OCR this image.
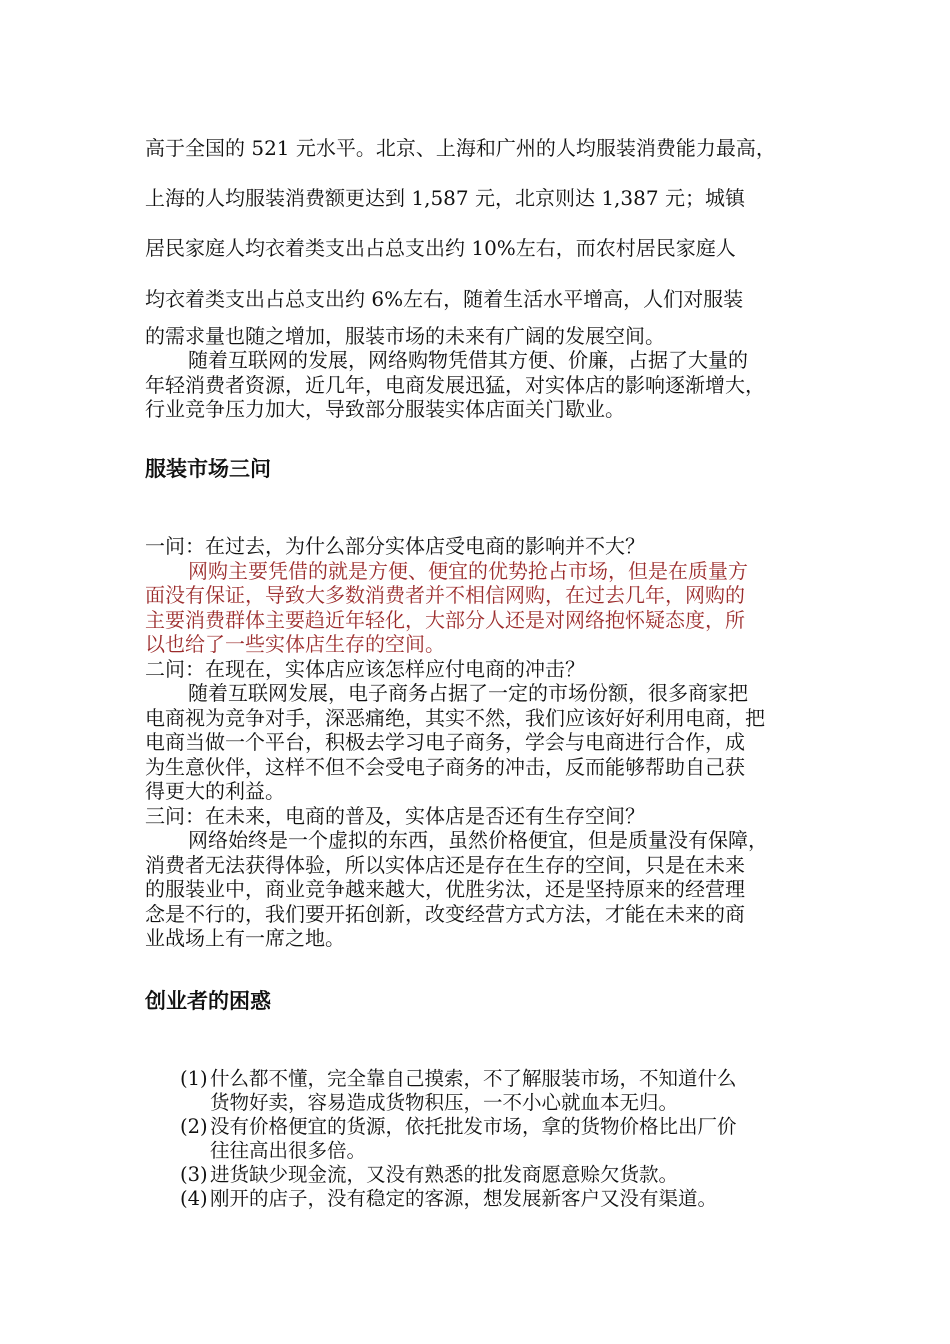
高于全国的 521 元水平。北京、上海和广州的人均服装消费能力最高，

上海的人均服装消费额更达到 1,587 元，北京则达 1,387 元；城镇

居民家庭人均衣着类支出占总支出约 10%左右，而农村居民家庭人

均衣着类支出占总支出约 6%左右，随着生活水平增高，人们对服装

的需求量也随之增加，服装市场的未来有广阔的发展空间。

随着互联网的发展，网络购物凭借其方便、价廉，占据了大量的
年轻消费者资源，近几年，电商发展迅猛，对实体店的影响逐渐增大，
行业竞争压力加大，导致部分服装实体店面关门歇业。
服装市场三问
一问：在过去，为什么部分实体店受电商的影响并不大？
网购主要凭借的就是方便、便宜的优势抢占市场，但是在质量方
面没有保证，导致大多数消费者并不相信网购，在过去几年，网购的
主要消费群体主要趋近年轻化，大部分人还是对网络抱怀疑态度，所
以也给了一些实体店生存的空间。
二问：在现在，实体店应该怎样应付电商的冲击？
随着互联网发展，电子商务占据了一定的市场份额，很多商家把
电商视为竞争对手，深恶痛绝，其实不然，我们应该好好利用电商，把
电商当做一个平台，积极去学习电子商务，学会与电商进行合作，成
为生意伙伴，这样不但不会受电子商务的冲击，反而能够帮助自己获
得更大的利益。
三问：在未来，电商的普及，实体店是否还有生存空间？
网络始终是一个虚拟的东西，虽然价格便宜，但是质量没有保障，
消费者无法获得体验，所以实体店还是存在生存的空间，只是在未来
的服装业中，商业竞争越来越大，优胜劣汰，还是坚持原来的经营理
念是不行的，我们要开拓创新，改变经营方式方法，才能在未来的商
业战场上有一席之地。
创业者的困惑
(1) 什么都不懂，完全靠自己摸索，不了解服装市场，不知道什么
货物好卖，容易造成货物积压，一不小心就血本无归。
(2) 没有价格便宜的货源，依托批发市场，拿的货物价格比出厂价
往往高出很多倍。
(3) 进货缺少现金流，又没有熟悉的批发商愿意赊欠货款。
(4) 刚开的店子，没有稳定的客源，想发展新客户又没有渠道。
